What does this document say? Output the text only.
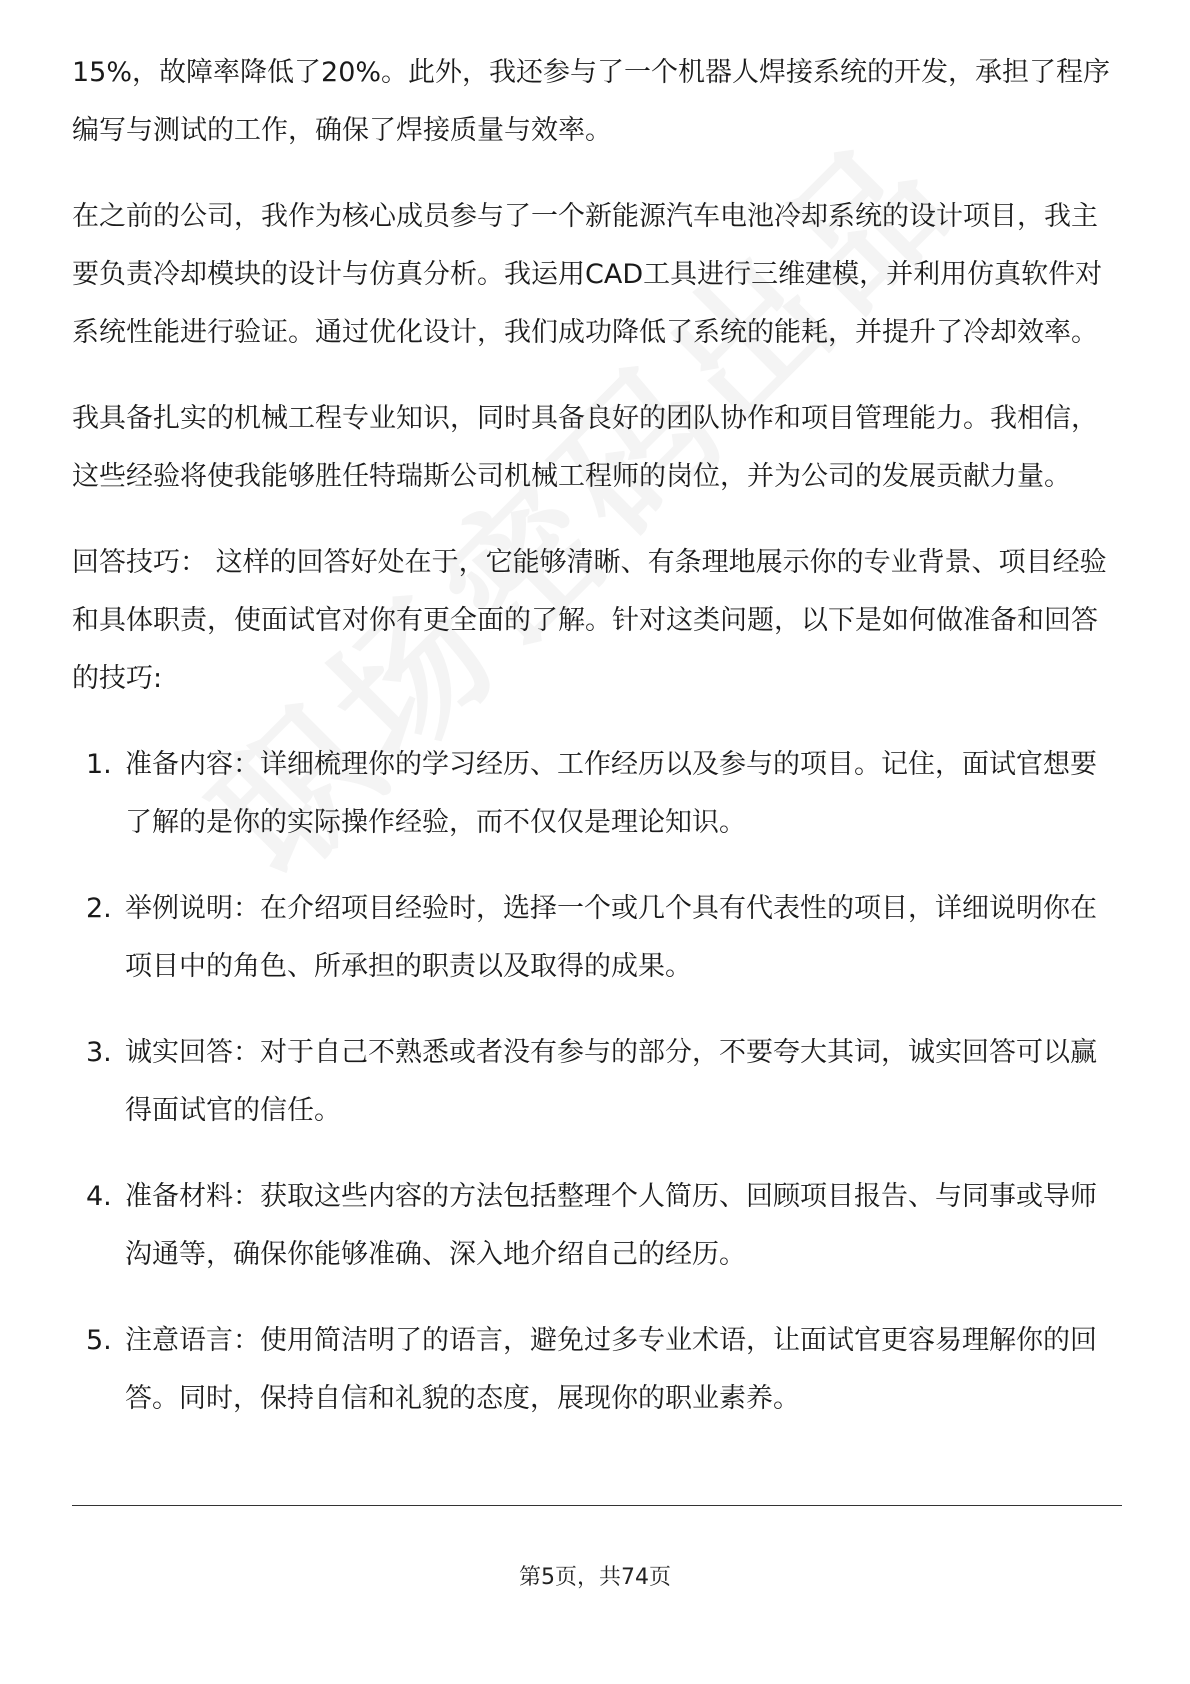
15%，故障率降低了20%。此外，我还参与了一个机器人焊接系统的开发，承担了程序编写与测试的工作，确保了焊接质量与效率。

在之前的公司，我作为核心成员参与了一个新能源汽车电池冷却系统的设计项目，我主要负责冷却模块的设计与仿真分析。我运用CAD工具进行三维建模，并利用仿真软件对系统性能进行验证。通过优化设计，我们成功降低了系统的能耗，并提升了冷却效率。

我具备扎实的机械工程专业知识，同时具备良好的团队协作和项目管理能力。我相信，这些经验将使我能够胜任特瑞斯公司机械工程师的岗位，并为公司的发展贡献力量。

回答技巧： 这样的回答好处在于，它能够清晰、有条理地展示你的专业背景、项目经验和具体职责，使面试官对你有更全面的了解。针对这类问题，以下是如何做准备和回答的技巧:

1. 准备内容：详细梳理你的学习经历、工作经历以及参与的项目。记住，面试官想要了解的是你的实际操作经验，而不仅仅是理论知识。
2. 举例说明：在介绍项目经验时，选择一个或几个具有代表性的项目，详细说明你在项目中的角色、所承担的职责以及取得的成果。
3. 诚实回答：对于自己不熟悉或者没有参与的部分，不要夸大其词，诚实回答可以赢得面试官的信任。
4. 准备材料：获取这些内容的方法包括整理个人简历、回顾项目报告、与同事或导师沟通等，确保你能够准确、深入地介绍自己的经历。
5. 注意语言：使用简洁明了的语言，避免过多专业术语，让面试官更容易理解你的回答。同时，保持自信和礼貌的态度，展现你的职业素养。
第5页，共74页
